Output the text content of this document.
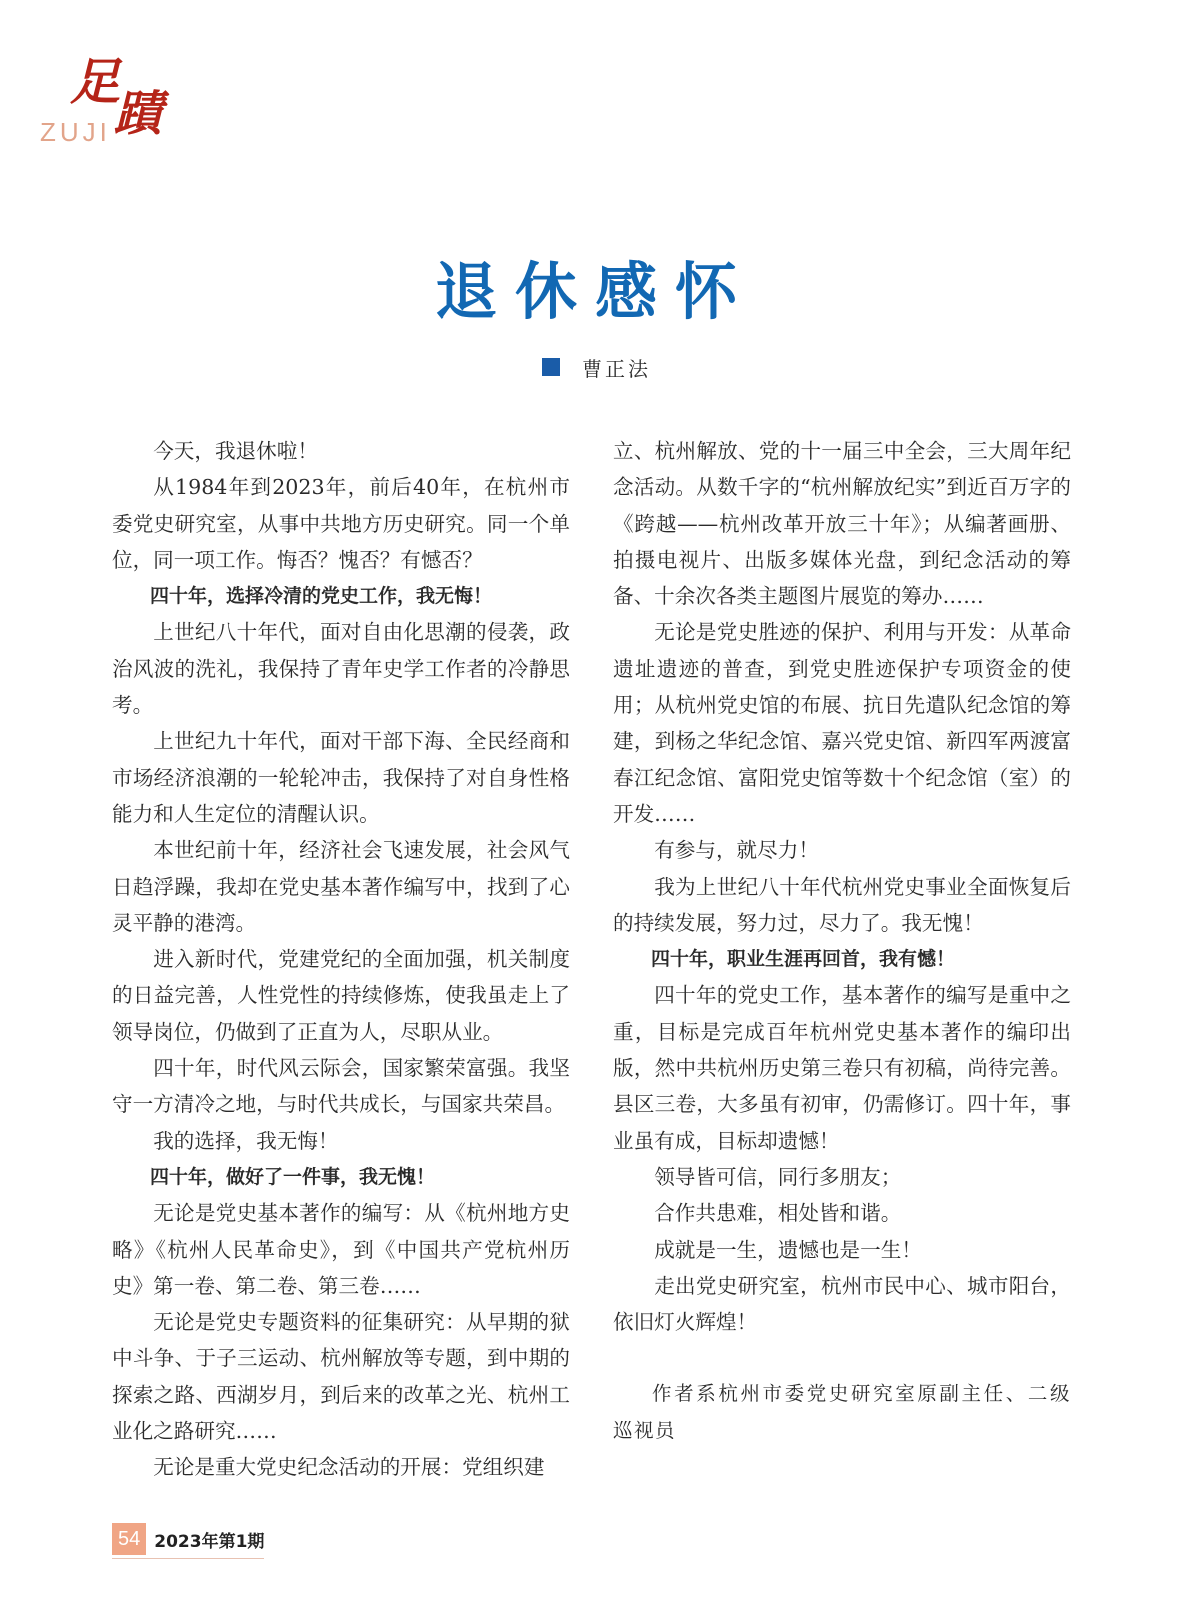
足
蹟
ZUJI
退休感怀
曹正法

今天，我退休啦！

从1984年到2023年，前后40年，在杭州市委党史研究室，从事中共地方历史研究。同一个单位，同一项工作。悔否？愧否？有憾否？

四十年，选择冷清的党史工作，我无悔！

上世纪八十年代，面对自由化思潮的侵袭，政治风波的洗礼，我保持了青年史学工作者的冷静思考。

上世纪九十年代，面对干部下海、全民经商和市场经济浪潮的一轮轮冲击，我保持了对自身性格能力和人生定位的清醒认识。

本世纪前十年，经济社会飞速发展，社会风气日趋浮躁，我却在党史基本著作编写中，找到了心灵平静的港湾。

进入新时代，党建党纪的全面加强，机关制度的日益完善，人性党性的持续修炼，使我虽走上了领导岗位，仍做到了正直为人，尽职从业。

四十年，时代风云际会，国家繁荣富强。我坚守一方清冷之地，与时代共成长，与国家共荣昌。

我的选择，我无悔！

四十年，做好了一件事，我无愧！

无论是党史基本著作的编写：从《杭州地方史略》《杭州人民革命史》，到《中国共产党杭州历史》第一卷、第二卷、第三卷……

无论是党史专题资料的征集研究：从早期的狱中斗争、于子三运动、杭州解放等专题，到中期的探索之路、西湖岁月，到后来的改革之光、杭州工业化之路研究……

无论是重大党史纪念活动的开展：党组织建

立、杭州解放、党的十一届三中全会，三大周年纪念活动。从数千字的“杭州解放纪实”到近百万字的《跨越——杭州改革开放三十年》；从编著画册、拍摄电视片、出版多媒体光盘，到纪念活动的筹备、十余次各类主题图片展览的筹办……

无论是党史胜迹的保护、利用与开发：从革命遗址遗迹的普查，到党史胜迹保护专项资金的使用；从杭州党史馆的布展、抗日先遣队纪念馆的筹建，到杨之华纪念馆、嘉兴党史馆、新四军两渡富春江纪念馆、富阳党史馆等数十个纪念馆（室）的开发……

有参与，就尽力！

我为上世纪八十年代杭州党史事业全面恢复后的持续发展，努力过，尽力了。我无愧！

四十年，职业生涯再回首，我有憾！

四十年的党史工作，基本著作的编写是重中之重，目标是完成百年杭州党史基本著作的编印出版，然中共杭州历史第三卷只有初稿，尚待完善。县区三卷，大多虽有初审，仍需修订。四十年，事业虽有成，目标却遗憾！

领导皆可信，同行多朋友；

合作共患难，相处皆和谐。

成就是一生，遗憾也是一生！

走出党史研究室，杭州市民中心、城市阳台，依旧灯火辉煌！

作者系杭州市委党史研究室原副主任、二级巡视员

54 2023年第1期
